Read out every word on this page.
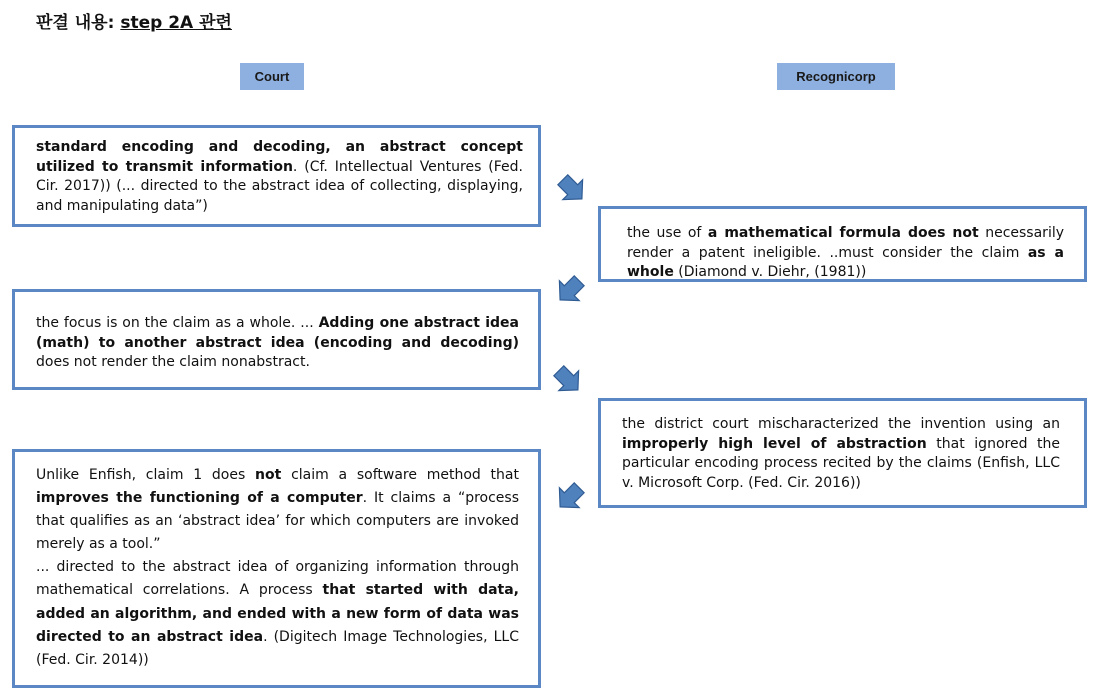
판결 내용: step 2A 관련
Court	Recognicorp

standard encoding and decoding, an abstract concept utilized to transmit information. (Cf. Intellectual Ventures (Fed. Cir. 2017)) (... directed to the abstract idea of collecting, displaying, and manipulating data”)

the use of a mathematical formula does not necessarily render a patent ineligible. ..must consider the claim as a whole (Diamond v. Diehr, (1981))

the focus is on the claim as a whole. ... Adding one abstract idea (math) to another abstract idea (encoding and decoding) does not render the claim nonabstract.

the district court mischaracterized the invention using an improperly high level of abstraction that ignored the particular encoding process recited by the claims (Enfish, LLC v. Microsoft Corp. (Fed. Cir. 2016))

Unlike Enfish, claim 1 does not claim a software method that improves the functioning of a computer. It claims a “process that qualifies as an ‘abstract idea’ for which computers are invoked merely as a tool.”

... directed to the abstract idea of organizing information through mathematical correlations. A process that started with data, added an algorithm, and ended with a new form of data was directed to an abstract idea. (Digitech Image Technologies, LLC (Fed. Cir. 2014))
